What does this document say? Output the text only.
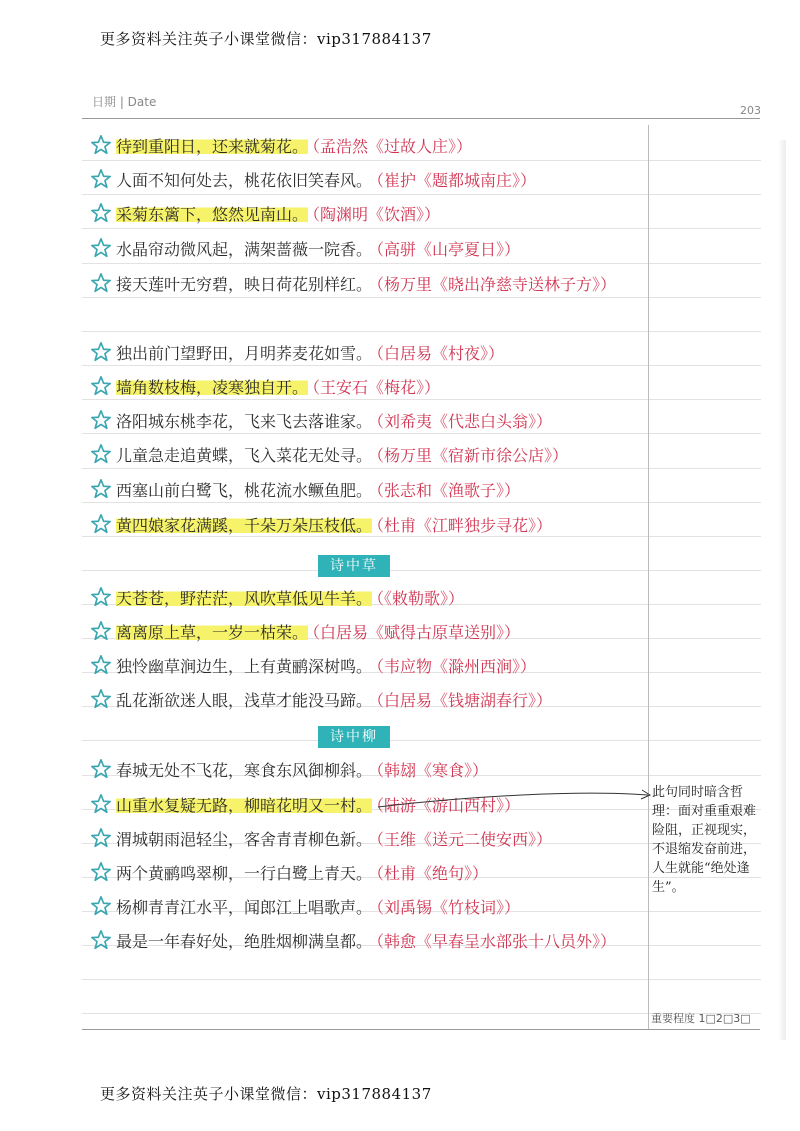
更多资料关注英子小课堂微信：vip317884137
日期 | Date
203
待到重阳日，还来就菊花。 （孟浩然《过故人庄》）
人面不知何处去，桃花依旧笑春风。 （崔护《题都城南庄》）
采菊东篱下，悠然见南山。 （陶渊明《饮酒》）
水晶帘动微风起，满架蔷薇一院香。 （高骈《山亭夏日》）
接天莲叶无穷碧，映日荷花别样红。 （杨万里《晓出净慈寺送林子方》）
独出前门望野田，月明荞麦花如雪。 （白居易《村夜》）
墙角数枝梅，凌寒独自开。 （王安石《梅花》）
洛阳城东桃李花，飞来飞去落谁家。 （刘希夷《代悲白头翁》）
儿童急走追黄蝶，飞入菜花无处寻。 （杨万里《宿新市徐公店》）
西塞山前白鹭飞，桃花流水鳜鱼肥。 （张志和《渔歌子》）
黄四娘家花满蹊，千朵万朵压枝低。 （杜甫《江畔独步寻花》）
天苍苍，野茫茫，风吹草低见牛羊。 （《敕勒歌》）
离离原上草，一岁一枯荣。 （白居易《赋得古原草送别》）
独怜幽草涧边生，上有黄鹂深树鸣。 （韦应物《滁州西涧》）
乱花渐欲迷人眼，浅草才能没马蹄。 （白居易《钱塘湖春行》）
春城无处不飞花，寒食东风御柳斜。 （韩翃《寒食》）
山重水复疑无路，柳暗花明又一村。 （陆游《游山西村》）
渭城朝雨浥轻尘，客舍青青柳色新。 （王维《送元二使安西》）
两个黄鹂鸣翠柳，一行白鹭上青天。 （杜甫《绝句》）
杨柳青青江水平，闻郎江上唱歌声。 （刘禹锡《竹枝词》）
最是一年春好处，绝胜烟柳满皇都。 （韩愈《早春呈水部张十八员外》）
诗中草
诗中柳
此句同时暗含哲理：面对重重艰难险阻，正视现实，不退缩发奋前进，人生就能“绝处逢生”。
重要程度 1□2□3□
更多资料关注英子小课堂微信：vip317884137
